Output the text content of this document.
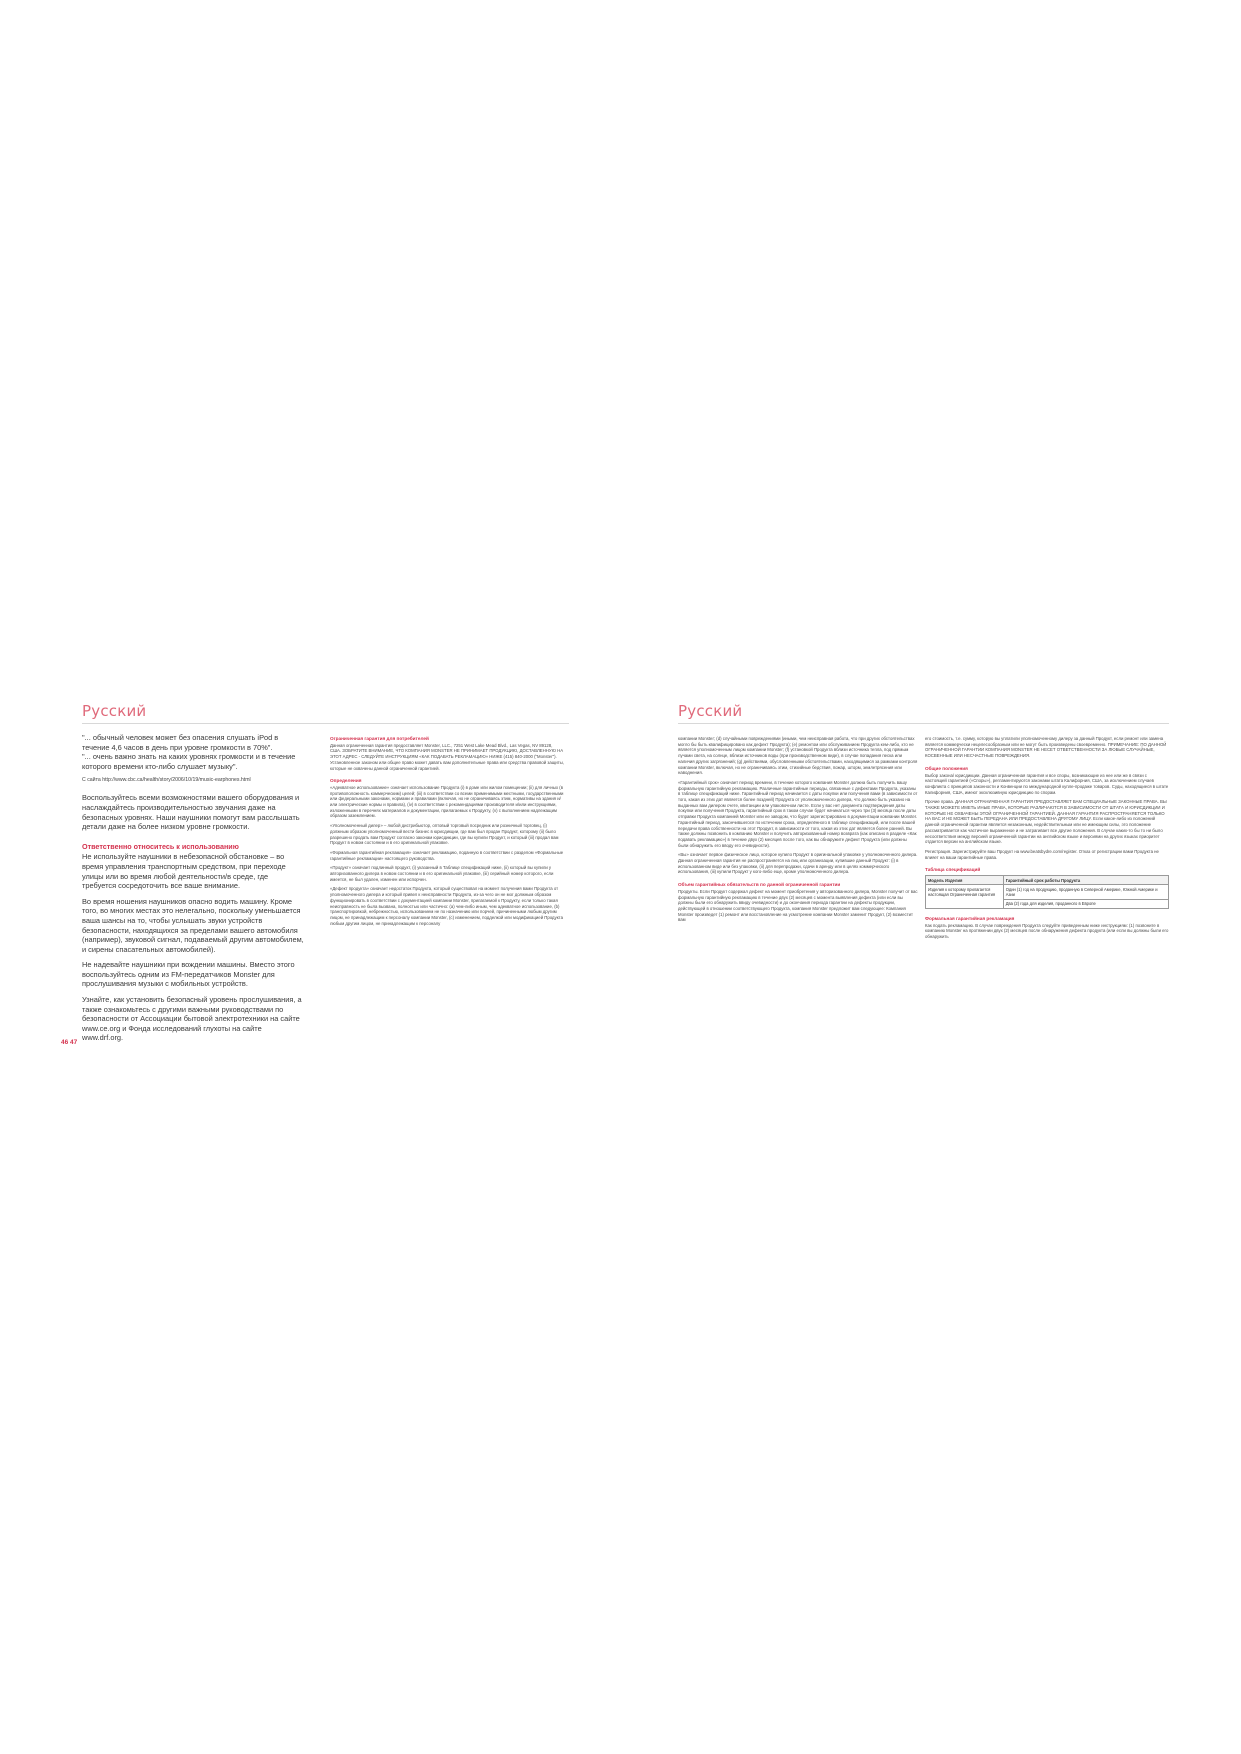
Русский

"... обычный человек может без опасения слушать iPod в течение 4,6 часов в день при уровне громкости в 70%".

"... очень важно знать на каких уровнях громкости и в течение которого времени кто-либо слушает музыку".

С сайта http://www.cbc.ca/health/story/2006/10/19/music-earphones.html

Воспользуйтесь всеми возможностями вашего оборудования и наслаждайтесь производительностью звучания даже на безопасных уровнях. Наши наушники помогут вам расслышать детали даже на более низком уровне громкости.

Ответственно относитесь к использованию

Не используйте наушники в небезопасной обстановке – во время управления транспортным средством, при переходе улицы или во время любой деятельности/в среде, где требуется сосредоточить все ваше внимание.

Во время ношения наушников опасно водить машину. Кроме того, во многих местах это нелегально, поскольку уменьшается ваша шансы на то, чтобы услышать звуки устройств безопасности, находящихся за пределами вашего автомобиля (например), звуковой сигнал, подаваемый другим автомобилем, и сирены спасательных автомобилей).

Не надевайте наушники при вождении машины. Вместо этого воспользуйтесь одним из FM-передатчиков Monster для прослушивания музыки с мобильных устройств.

Узнайте, как установить безопасный уровень прослушивания, а также ознакомьтесь с другими важными руководствами по безопасности от Ассоциации бытовой электротехники на сайте www.ce.org и Фонда исследований глухоты на сайте www.drf.org.

Ограниченная гарантия для потребителей

Данная ограниченная гарантия предоставляет Monster, LLC., 7251 West Lake Mead Blvd., Las Vegas, NV 89128, США. ЗОБРАТИТЕ ВНИМАНИЕ, ЧТО КОМПАНИЯ MONSTER НЕ ПРИНИМАЕТ ПРОДУКЦИЮ, ДОСТАВЛЕННУЮ НА ЭТОТ АДРЕС - СЛЕДУЙТЕ ИНСТРУКЦИЯМ «КАК ПОДАВАТЬ РЕКЛАМАЦИЮ» НИЖЕ (415) 840-2000 ("Monster"). Установленное законом или общее право может давать вам дополнительные права или средства правовой защиты, которые не охвачены данной ограниченной гарантией.

Определения

«Адекватное использование» означает использование Продукта (i) в доме или жилом помещении; (ii) для личных (в противоположность коммерческим) целей; (iii) в соответствии со всеми применимыми местными, государственными или федеральными законами, нормами и правилами (включая, но не ограничиваясь этим, нормативы на здания и/или электрические нормы и правила), (iv) в соответствии с рекомендациями производителя и/или инструкциями, изложенными в перечнях материалов и документации, прилагаемых к Продукту, (v) с выполнением надлежащим образом заземлением.

«Уполномоченный дилер» – любой дистрибьютор, оптовый торговый посредник или розничный торговец, (i) должным образом уполномоченный вести бизнес в юрисдикции, где вам был продан Продукт, которому (ii) было разрешено продать вам Продукт согласно законам юрисдикции, где вы купили Продукт, и который (iii) продал вам Продукт в новом состоянии и в его оригинальной упаковке.

«Формальная гарантийная рекламация» означает рекламацию, поданную в соответствии с разделом «Формальные гарантийные рекламации» настоящего руководства.

«Продукт» означает подлинный продукт, (i) указанный в Таблице спецификаций ниже, (ii) который вы купили у авторизованного дилера в новом состоянии и в его оригинальной упаковке, (iii) серийный номер которого, если имеется, не был удален, изменен или испорчен.

«Дефект продукта» означает недостаток Продукта, который существовал на момент получения вами Продукта от уполномоченного дилера и который привел к неисправности Продукта, из-за чего он не мог должным образом функционировать в соответствии с документацией компании Monster, прилагаемой к Продукту, если только такая неисправность не была вызвана, полностью или частично: (a) чем-либо иным, чем адекватное использование, (b) транспортировкой, небрежностью, использованием не по назначению или порчей, причиненными любым другим лицом, не принадлежащим к персоналу компании Monster, (c) изменением, подделкой или модификацией Продукта любым другим лицом, не принадлежащим к персоналу

46 47
Русский

компании Monster; (d) случайными повреждениями (иными, чем неисправная работа, что при других обстоятельствах могло бы быть квалифицировано как дефект Продукта); (e) ремонтом или обслуживанием Продукта кем-либо, кто не является уполномоченным лицом компании Monster; (f) установкой Продукта вблизи источника тепла, под прямым лучами света, на солнце, вблизи источников воды (при производственном виде), в случае попадания песка или наличия других загрязнений; (g) действиями, обусловленными обстоятельствами, находящимися за рамками контроля компании Monster, включая, но не ограничиваясь этим, стихийные бедствия, пожар, шторм, землетрясения или наводнения.

«Гарантийный срок» означает период времени, в течение которого компания Monster должна быть получить вашу формальную гарантийную рекламацию. Различные гарантийные периоды, связанные с дефектами Продукта, указаны в таблице спецификаций ниже. Гарантийный период начинается с даты покупки или получения вами (в зависимости от того, какая из этих дат является более поздней) Продукта от уполномоченного дилера, что должно быть указано на выданных вам дилером счете, квитанции или упаковочном листе. Если у вас нет документа подтверждения даты покупки или получения Продукта, гарантийный срок в таком случае будет начинаться через три (3) месяца после даты отправки Продукта компанией Monster или ее заводом, что будет зарегистрировано в документации компании Monster. Гарантийный период, закончившегося по истечении срока, определённого в таблице спецификаций, или после вашей передачи права собственности на этот Продукт, в зависимости от того, какая из этих дат является более ранней. Вы также должны позвонить в компанию Monster и получить авторизованный номер возврата (как описано в разделе «Как подавать рекламацию») в течение двух (2) месяцев после того, как вы обнаружите дефект Продукта (или должны были обнаружить его вводу его очевидности).

«Вы» означает первое физическое лицо, которое купило Продукт в оригинальной упаковке у уполномоченного дилера. Данная ограниченная гарантия не распространяется на лиц или организации, купившие данный Продукт: (i) в использованном виде или без упаковки, (ii) для перепродажи, сдачи в аренду или в целях коммерческого использования, (iii) купили Продукт у кого-либо еще, кроме уполномоченного дилера.

Объем гарантийных обязательств по данной ограниченной гарантии

Продукты. Если Продукт содержал дефект на момент приобретения у авторизованного дилера, Monster получит от вас формальную гарантийную рекламацию в течение двух (2) месяцев с момента выявления дефекта (или если вы должны были его обнаружить ввиду очевидности) и до окончания периода гарантии на дефекты продукции, действующей в отношении соответствующего Продукта, компания Monster предложит вам следующее: Компания Monster произведет (1) ремонт или восстановление на усмотрение компании Monster заменит Продукт, (2) возместит вам

его стоимость, т.е. сумму, которую вы уплатили уполномоченному дилеру за данный Продукт, если ремонт или замена является коммерчески нецелесообразным или не могут быть произведены своевременно. ПРИМЕЧАНИЕ: ПО ДАННОЙ ОГРАНИЧЕННОЙ ГАРАНТИИ КОМПАНИЯ MONSTER НЕ НЕСЕТ ОТВЕТСТВЕННОСТИ ЗА ЛЮБЫЕ СЛУЧАЙНЫЕ, КОСВЕННЫЕ ИЛИ НЕСЧАСТНЫЕ ПОВРЕЖДЕНИЯ.

Общие положения

Выбор закона/ юрисдикции. Данная ограниченная гарантия и все споры, возникающие из нее или же в связи с настоящей гарантией («Споры»), регламентируются законами штата Калифорния, США, за исключением случаев конфликта с принципов законности и Конвенции по международной купле-продаже товаров. Суды, находящиеся в штате Калифорния, США, имеют эксклюзивную юрисдикцию по спорам.

Прочие права. ДАННАЯ ОГРАНИЧЕННАЯ ГАРАНТИЯ ПРЕДОСТАВЛЯЕТ ВАМ СПЕЦИАЛЬНЫЕ ЗАКОННЫЕ ПРАВА. ВЫ ТАКЖЕ МОЖЕТЕ ИМЕТЬ ИНЫЕ ПРАВА, КОТОРЫЕ РАЗЛИЧАЮТСЯ В ЗАВИСИМОСТИ ОТ ШТАТА И ЮРИСДИКЦИИ И КОТОРЫЕ НЕ ОХВАЧЕНЫ ЭТОЙ ОГРАНИЧЕННОЙ ГАРАНТИЕЙ. ДАННАЯ ГАРАНТИЯ РАСПРОСТРАНЯЕТСЯ ТОЛЬКО НА ВАС И НЕ МОЖЕТ БЫТЬ ПЕРЕДАНА ИЛИ ПРЕДОСТАВЛЕНА ДРУГОМУ ЛИЦУ. Если какое-либо из положений данной ограниченной гарантии является незаконным, недействительным или не имеющим силы, это положение рассматривается как частичное выраженное и не затрагивает все другие положения. В случае каких-то бы то ни было несоответствия между версией ограниченной гарантии на английском языке и версиями на других языках приоритет отдается версии на английском языке.

Регистрация. Зарегистрируйте ваш Продукт на www.beatsbydre.com/register. Отказ от регистрации вами Продукта не влияет на ваши гарантийные права.

Таблица спецификаций
Модель Изделия	Гарантийный срок работы Продукта
Изделия к которому прилагается настоящая Ограниченная гарантия	Один (1) год на продукцию, проданную в Северной Америке, Южной Америке и Азии
	Два (2) года для изделия, проданного в Европе
Формальная гарантийная рекламация

Как подать рекламацию. В случае повреждения Продукта следуйте приведенным ниже инструкциям: (1) позвоните в компанию Monster на протяжении двух (2) месяцев после обнаружения дефекта продукта (или если вы должны были его обнаружить
